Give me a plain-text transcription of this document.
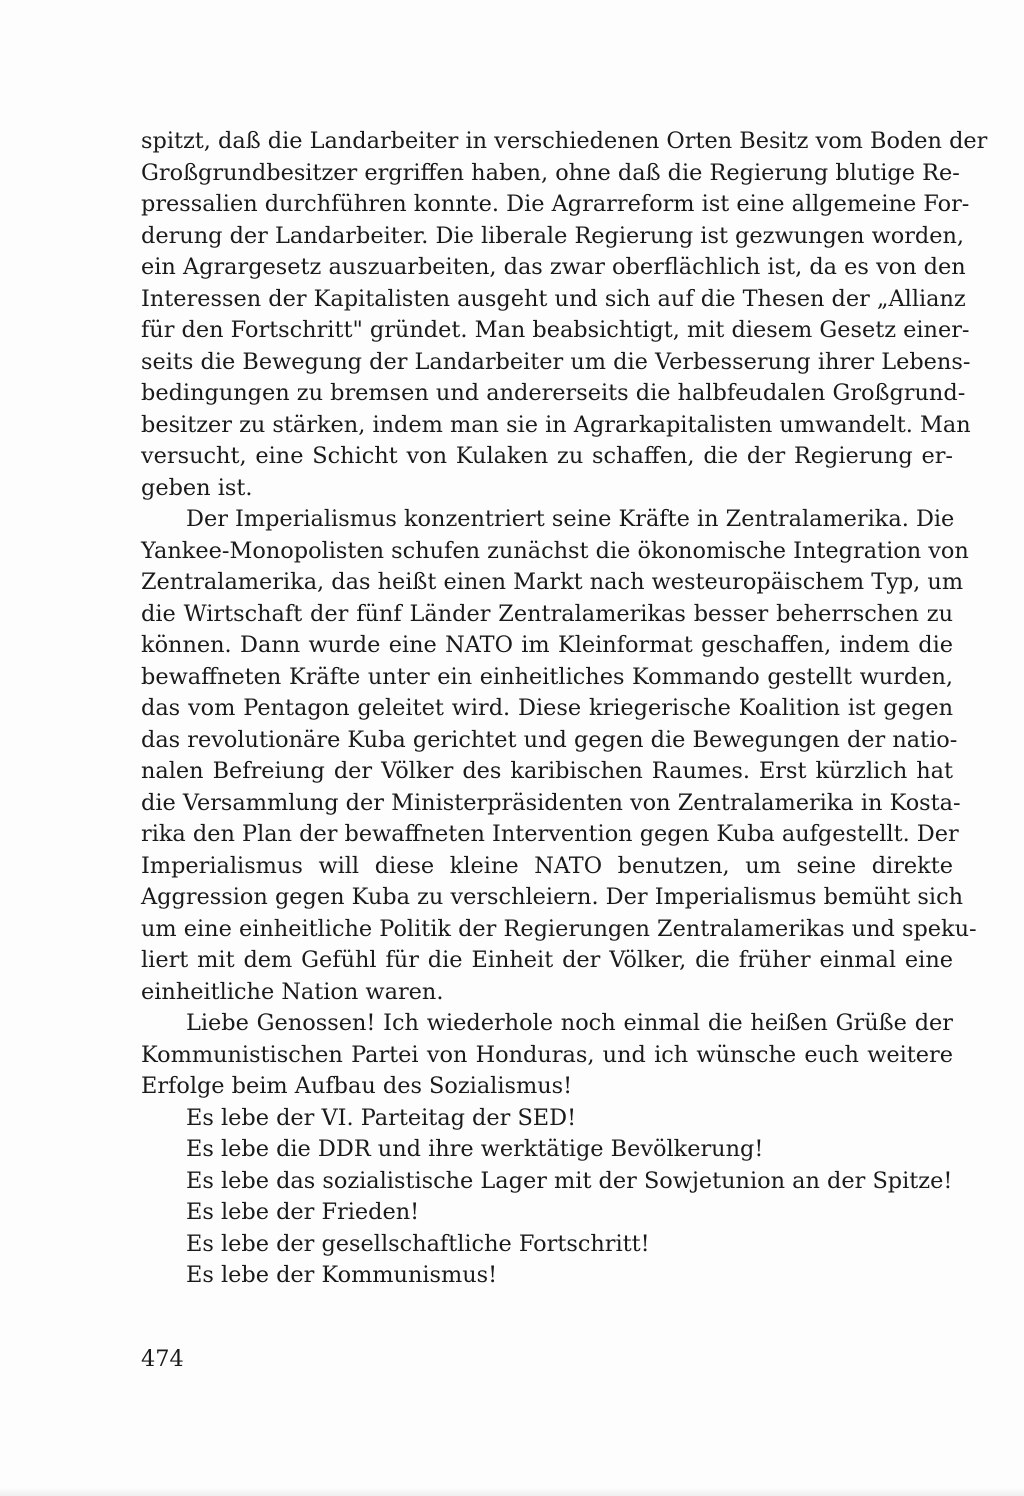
spitzt, daß die Landarbeiter in verschiedenen Orten Besitz vom Boden der
Großgrundbesitzer ergriffen haben, ohne daß die Regierung blutige Re-
pressalien durchführen konnte. Die Agrarreform ist eine allgemeine For-
derung der Landarbeiter. Die liberale Regierung ist gezwungen worden,
ein Agrargesetz auszuarbeiten, das zwar oberflächlich ist, da es von den
Interessen der Kapitalisten ausgeht und sich auf die Thesen der „Allianz
für den Fortschritt" gründet. Man beabsichtigt, mit diesem Gesetz einer-
seits die Bewegung der Landarbeiter um die Verbesserung ihrer Lebens-
bedingungen zu bremsen und andererseits die halbfeudalen Großgrund-
besitzer zu stärken, indem man sie in Agrarkapitalisten umwandelt. Man
versucht, eine Schicht von Kulaken zu schaffen, die der Regierung er-
geben ist.
Der Imperialismus konzentriert seine Kräfte in Zentralamerika. Die
Yankee-Monopolisten schufen zunächst die ökonomische Integration von
Zentralamerika, das heißt einen Markt nach westeuropäischem Typ, um
die Wirtschaft der fünf Länder Zentralamerikas besser beherrschen zu
können. Dann wurde eine NATO im Kleinformat geschaffen, indem die
bewaffneten Kräfte unter ein einheitliches Kommando gestellt wurden,
das vom Pentagon geleitet wird. Diese kriegerische Koalition ist gegen
das revolutionäre Kuba gerichtet und gegen die Bewegungen der natio-
nalen Befreiung der Völker des karibischen Raumes. Erst kürzlich hat
die Versammlung der Ministerpräsidenten von Zentralamerika in Kosta-
rika den Plan der bewaffneten Intervention gegen Kuba aufgestellt. Der
Imperialismus will diese kleine NATO benutzen, um seine direkte
Aggression gegen Kuba zu verschleiern. Der Imperialismus bemüht sich
um eine einheitliche Politik der Regierungen Zentralamerikas und speku-
liert mit dem Gefühl für die Einheit der Völker, die früher einmal eine
einheitliche Nation waren.
Liebe Genossen! Ich wiederhole noch einmal die heißen Grüße der
Kommunistischen Partei von Honduras, und ich wünsche euch weitere
Erfolge beim Aufbau des Sozialismus!

Es lebe der VI. Parteitag der SED!

Es lebe die DDR und ihre werktätige Bevölkerung!

Es lebe das sozialistische Lager mit der Sowjetunion an der Spitze!

Es lebe der Frieden!

Es lebe der gesellschaftliche Fortschritt!

Es lebe der Kommunismus!

474
